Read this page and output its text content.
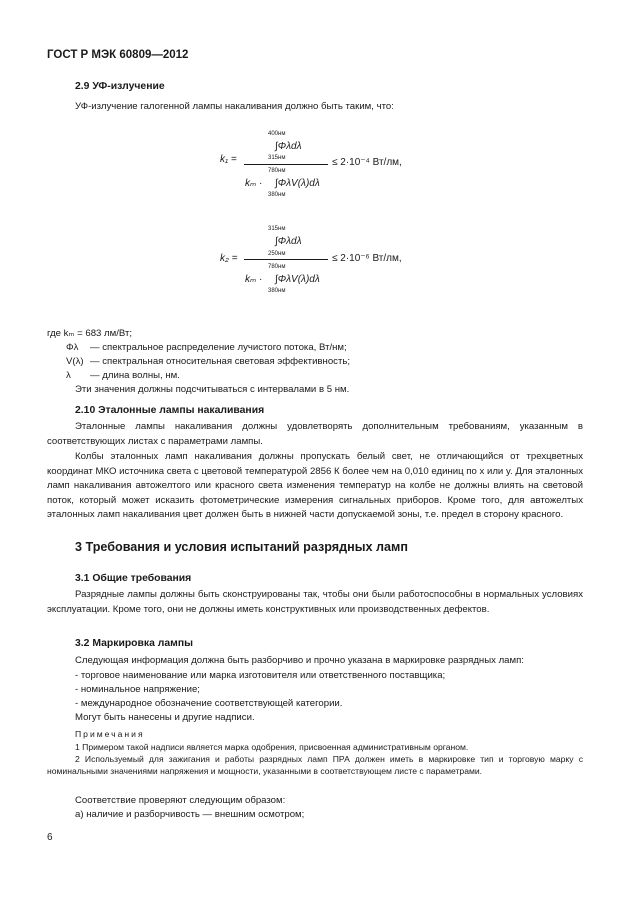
ГОСТ Р МЭК 60809—2012
2.9 УФ-излучение
УФ-излучение галогенной лампы накаливания должно быть таким, что:
k₁ =
400нм
∫Φλdλ
315нм
780нм
kₘ · ∫ΦλV(λ)dλ
380нм
≤ 2·10⁻⁴ Вт/лм,
k₂ =
315нм
∫Φλdλ
250нм
780нм
kₘ · ∫ΦλV(λ)dλ
380нм
≤ 2·10⁻⁶ Вт/лм,
где kₘ = 683 лм/Вт;
Φλ — спектральное распределение лучистого потока, Вт/нм;
V(λ) — спектральная относительная световая эффективность;
λ — длина волны, нм.
Эти значения должны подсчитываться с интервалами в 5 нм.
2.10 Эталонные лампы накаливания
Эталонные лампы накаливания должны удовлетворять дополнительным требованиям, указанным в соответствующих листах с параметрами лампы.
Колбы эталонных ламп накаливания должны пропускать белый свет, не отличающийся от трехцветных координат МКО источника света с цветовой температурой 2856 К более чем на 0,010 единиц по x или y. Для эталонных ламп накаливания автожелтого или красного света изменения температур на колбе не должны влиять на световой поток, который может исказить фотометрические измерения сигнальных приборов. Кроме того, для автожелтых эталонных ламп накаливания цвет должен быть в нижней части допускаемой зоны, т.е. предел в сторону красного.
3 Требования и условия испытаний разрядных ламп
3.1 Общие требования
Разрядные лампы должны быть сконструированы так, чтобы они были работоспособны в нормальных условиях эксплуатации. Кроме того, они не должны иметь конструктивных или производственных дефектов.
3.2 Маркировка лампы
Следующая информация должна быть разборчиво и прочно указана в маркировке разрядных ламп:
- торговое наименование или марка изготовителя или ответственного поставщика;
- номинальное напряжение;
- международное обозначение соответствующей категории.
Могут быть нанесены и другие надписи.
Примечания
1 Примером такой надписи является марка одобрения, присвоенная административным органом.
2 Используемый для зажигания и работы разрядных ламп ПРА должен иметь в маркировке тип и торговую марку с номинальными значениями напряжения и мощности, указанными в соответствующем листе с параметрами.
Соответствие проверяют следующим образом:
а) наличие и разборчивость — внешним осмотром;
6
